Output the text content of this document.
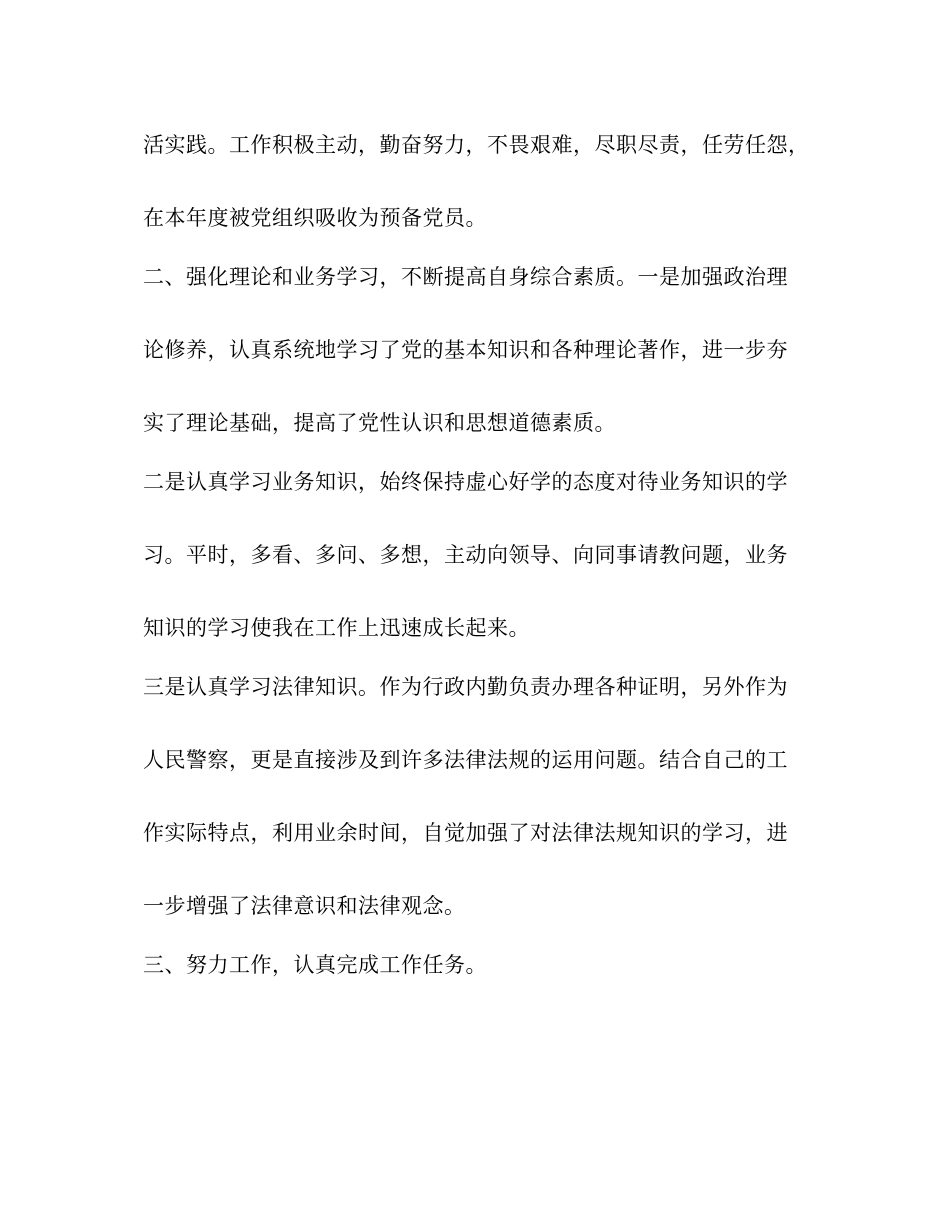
活实践。工作积极主动，勤奋努力，不畏艰难，尽职尽责，任劳任怨，
在本年度被党组织吸收为预备党员。
二、强化理论和业务学习，不断提高自身综合素质。一是加强政治理
论修养，认真系统地学习了党的基本知识和各种理论著作，进一步夯
实了理论基础，提高了党性认识和思想道德素质。
二是认真学习业务知识，始终保持虚心好学的态度对待业务知识的学
习。平时，多看、多问、多想，主动向领导、向同事请教问题，业务
知识的学习使我在工作上迅速成长起来。
三是认真学习法律知识。作为行政内勤负责办理各种证明，另外作为
人民警察，更是直接涉及到许多法律法规的运用问题。结合自己的工
作实际特点，利用业余时间，自觉加强了对法律法规知识的学习，进
一步增强了法律意识和法律观念。
三、努力工作，认真完成工作任务。
